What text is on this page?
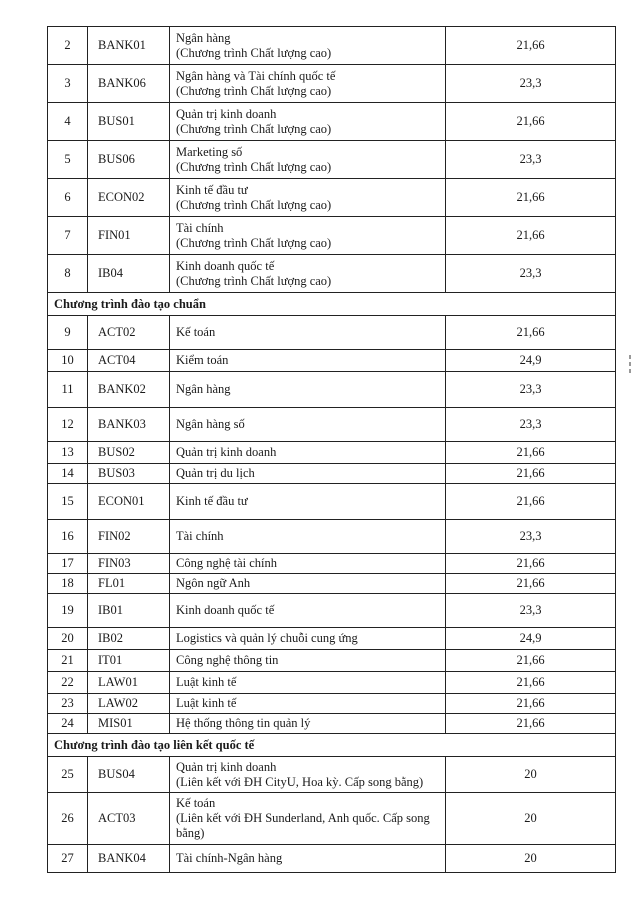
2	BANK01	Ngân hàng
(Chương trình Chất lượng cao)	21,66
3	BANK06	Ngân hàng và Tài chính quốc tế
(Chương trình Chất lượng cao)	23,3
4	BUS01	Quản trị kinh doanh
(Chương trình Chất lượng cao)	21,66
5	BUS06	Marketing số
(Chương trình Chất lượng cao)	23,3
6	ECON02	Kinh tế đầu tư
(Chương trình Chất lượng cao)	21,66
7	FIN01	Tài chính
(Chương trình Chất lượng cao)	21,66
8	IB04	Kinh doanh quốc tế
(Chương trình Chất lượng cao)	23,3
Chương trình đào tạo chuẩn			
9	ACT02	Kế toán	21,66
10	ACT04	Kiểm toán	24,9
11	BANK02	Ngân hàng	23,3
12	BANK03	Ngân hàng số	23,3
13	BUS02	Quản trị kinh doanh	21,66
14	BUS03	Quản trị du lịch	21,66
15	ECON01	Kinh tế đầu tư	21,66
16	FIN02	Tài chính	23,3
17	FIN03	Công nghệ tài chính	21,66
18	FL01	Ngôn ngữ Anh	21,66
19	IB01	Kinh doanh quốc tế	23,3
20	IB02	Logistics và quản lý chuỗi cung ứng	24,9
21	IT01	Công nghệ thông tin	21,66
22	LAW01	Luật kinh tế	21,66
23	LAW02	Luật kinh tế	21,66
24	MIS01	Hệ thống thông tin quản lý	21,66
Chương trình đào tạo liên kết quốc tế			
25	BUS04	Quản trị kinh doanh
(Liên kết với ĐH CityU, Hoa kỳ. Cấp song bằng)	20
26	ACT03	Kế toán
(Liên kết với ĐH Sunderland, Anh quốc. Cấp song
bằng)	20
27	BANK04	Tài chính-Ngân hàng	20
